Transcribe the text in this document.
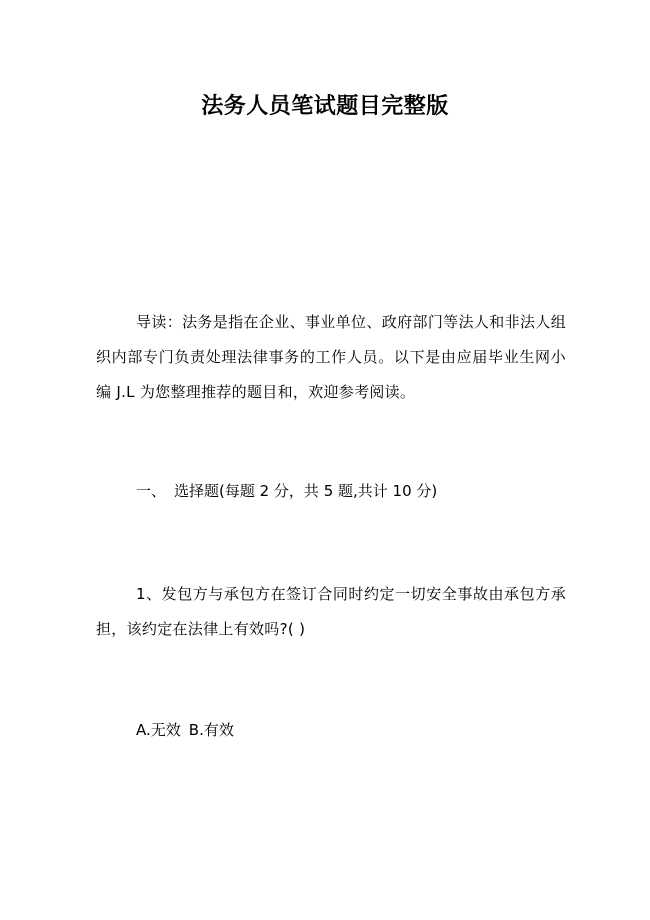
法务人员笔试题目完整版
导读：法务是指在企业、事业单位、政府部门等法人和非法人组织内部专门负责处理法律事务的工作人员。以下是由应届毕业生网小编 J.L 为您整理推荐的题目和，欢迎参考阅读。
一、 选择题(每题 2 分，共 5 题,共计 10 分)
1、发包方与承包方在签订合同时约定一切安全事故由承包方承担，该约定在法律上有效吗?( )
A.无效 B.有效
